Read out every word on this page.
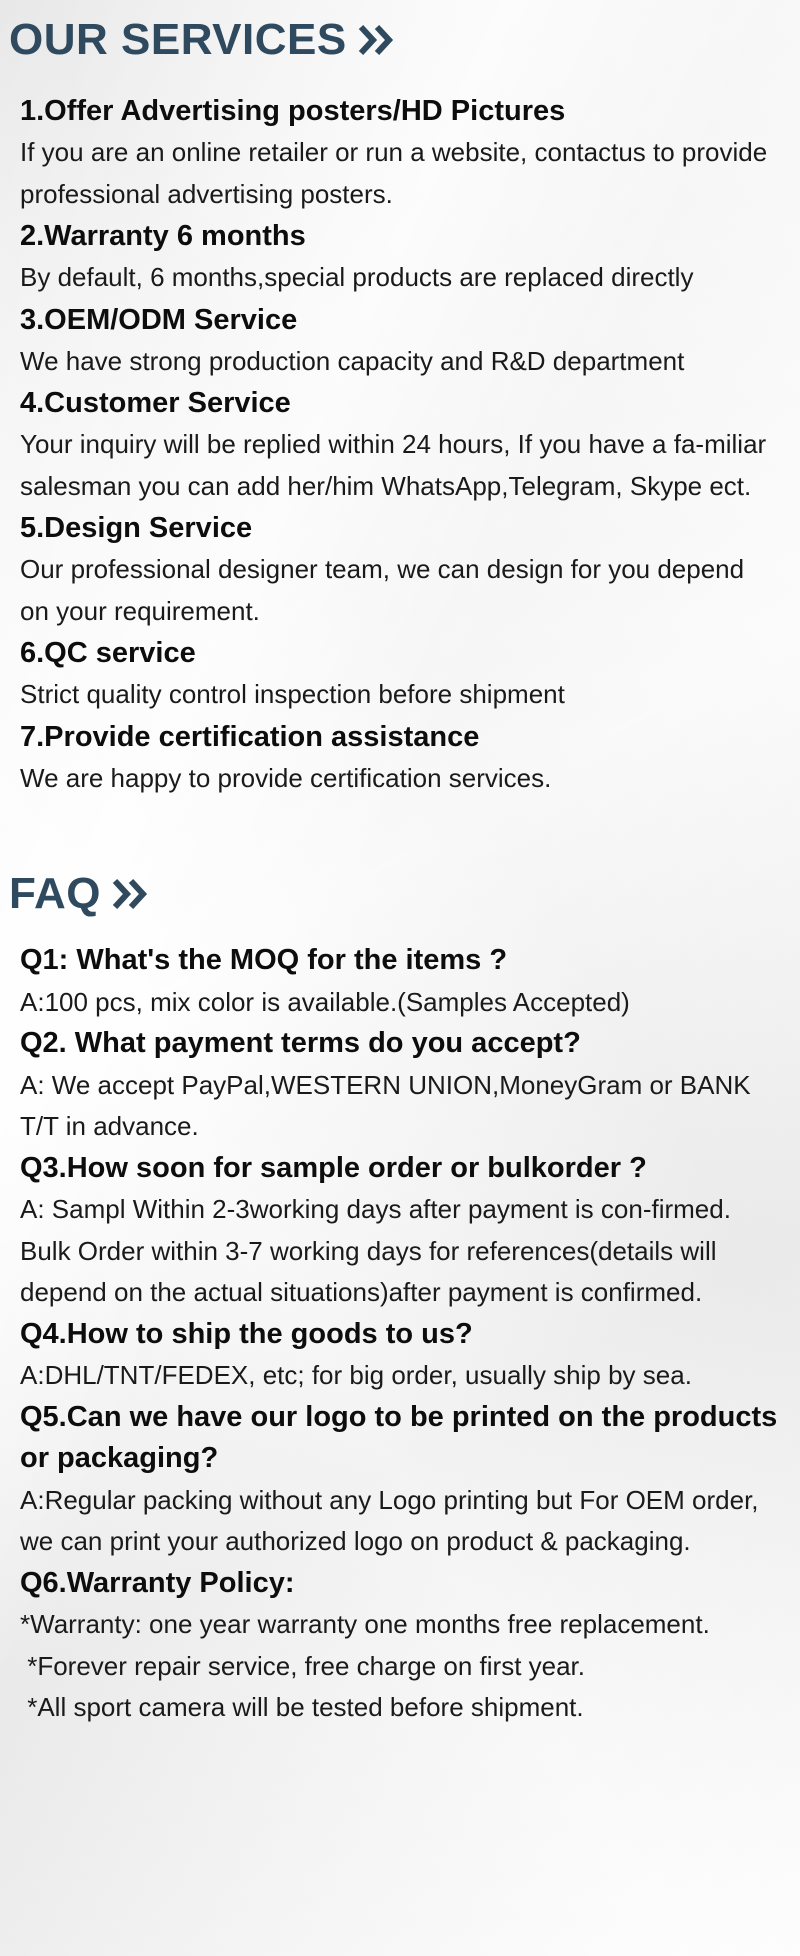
OUR SERVICES
1.Offer Advertising posters/HD Pictures

If you are an online retailer or run a website, contactus to provide professional advertising posters.

2.Warranty 6 months

By default, 6 months,special products are replaced directly

3.OEM/ODM Service

We have strong production capacity and R&D department

4.Customer Service

Your inquiry will be replied within 24 hours, If you have a fa-miliar salesman you can add her/him WhatsApp,Telegram, Skype ect.

5.Design Service

Our professional designer team, we can design for you depend on your requirement.

6.QC service

Strict quality control inspection before shipment

7.Provide certification assistance

We are happy to provide certification services.

FAQ
Q1: What's the MOQ for the items ?

A:100 pcs, mix color is available.(Samples Accepted)

Q2. What payment terms do you accept?

A: We accept PayPal,WESTERN UNION,MoneyGram or BANK T/T in advance.

Q3.How soon for sample order or bulkorder ?

A: Sampl Within 2-3working days after payment is con-firmed.

Bulk Order within 3-7 working days for references(details will depend on the actual situations)after payment is confirmed.

Q4.How to ship the goods to us?

A:DHL/TNT/FEDEX, etc; for big order, usually ship by sea.

Q5.Can we have our logo to be printed on the products or packaging?

A:Regular packing without any Logo printing but For OEM order, we can print your authorized logo on product & packaging.

Q6.Warranty Policy:

*Warranty: one year warranty one months free replacement.

*Forever repair service, free charge on first year.

*All sport camera will be tested before shipment.
